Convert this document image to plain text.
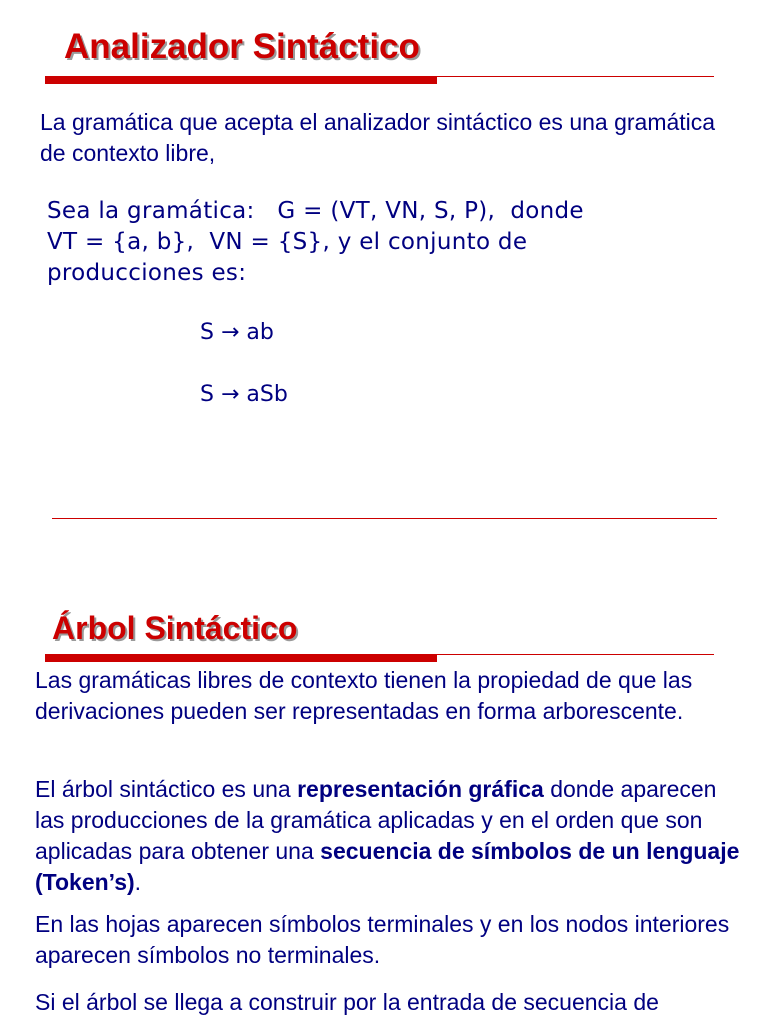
Analizador Sintáctico

La gramática que acepta el analizador sintáctico es una gramática de contexto libre,

Sea la gramática:   G = (VT, VN, S, P),  donde
VT = {a, b},  VN = {S}, y el conjunto de
producciones es:

S → ab

S → aSb

Árbol Sintáctico

Las gramáticas libres de contexto tienen la propiedad de que las derivaciones pueden ser representadas en forma arborescente.

El árbol sintáctico es una representación gráfica donde aparecen las producciones de la gramática aplicadas y en el orden que son aplicadas para obtener una secuencia de símbolos de un lenguaje (Token’s).

En las hojas aparecen símbolos terminales y en los nodos interiores aparecen símbolos no terminales.

Si el árbol se llega a construir por la entrada de secuencia de
